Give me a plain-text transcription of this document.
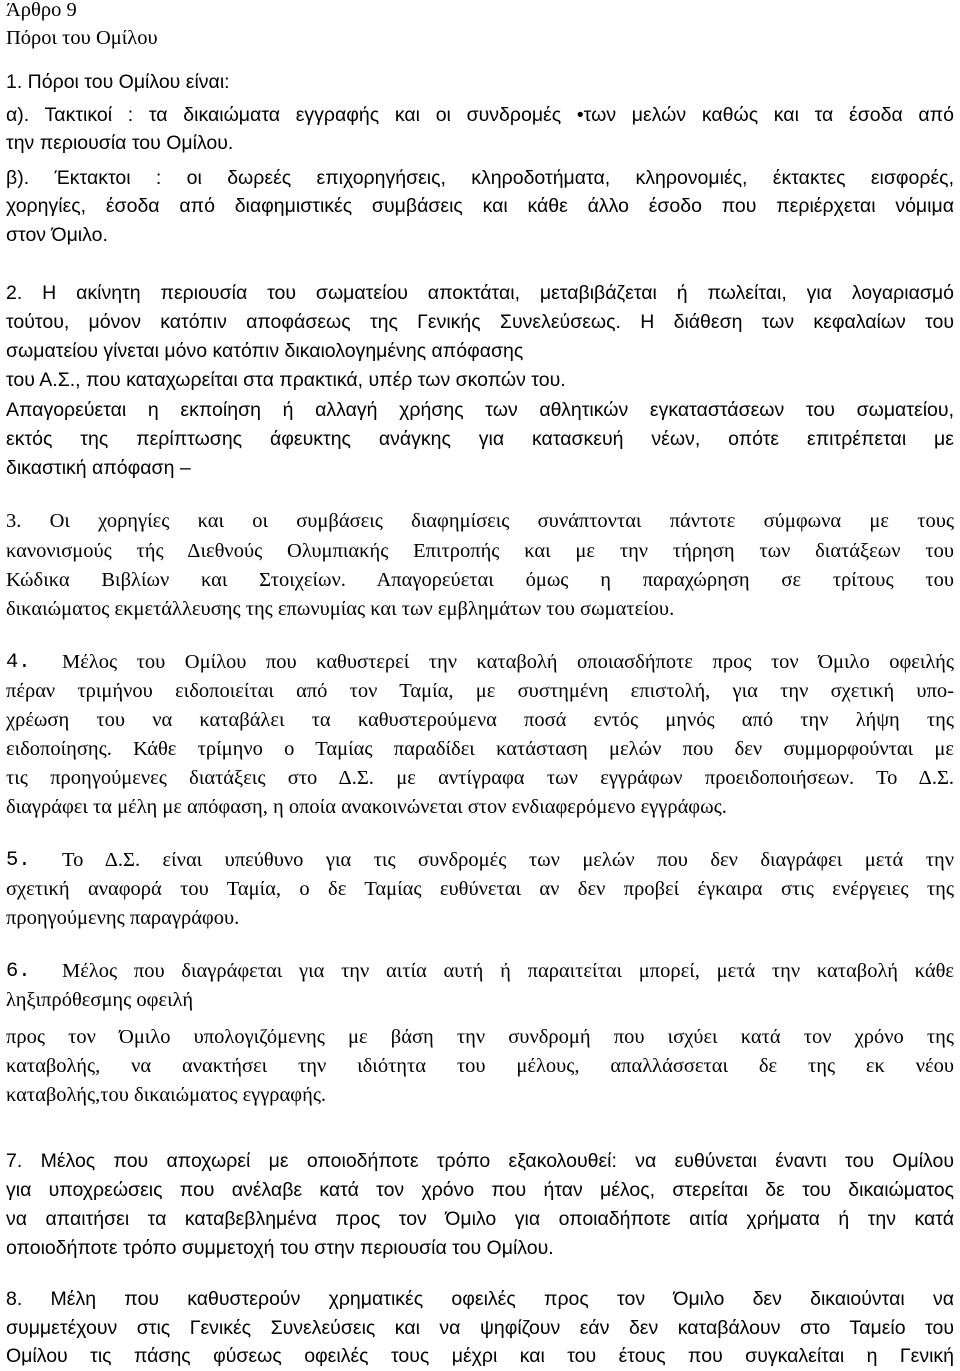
Άρθρο 9
Πόροι του Ομίλου
1. Πόροι του Ομίλου είναι:
α). Τακτικοί : τα δικαιώματα εγγραφής και οι συνδρομές •των μελών καθώς και τα έσοδα από
την περιουσία του Ομίλου.
β). Έκτακτοι : οι δωρεές επιχορηγήσεις, κληροδοτήματα, κληρονομιές, έκτακτες εισφορές,
χορηγίες, έσοδα από διαφημιστικές συμβάσεις και κάθε άλλο έσοδο που περιέρχεται νόμιμα
στον Όμιλο.
2. Η ακίνητη περιουσία του σωματείου αποκτάται, μεταβιβάζεται ή πωλείται, για λογαριασμό
τούτου, μόνον κατόπιν αποφάσεως της Γενικής Συνελεύσεως. Η διάθεση των κεφαλαίων του
σωματείου γίνεται μόνο κατόπιν δικαιολογημένης απόφασης
του Α.Σ., που καταχωρείται στα πρακτικά, υπέρ των σκοπών του.
Απαγορεύεται η εκποίηση ή αλλαγή χρήσης των αθλητικών εγκαταστάσεων του σωματείου,
εκτός της περίπτωσης άφευκτης ανάγκης για κατασκευή νέων, οπότε επιτρέπεται με
δικαστική απόφαση –
3. Οι χορηγίες και οι συμβάσεις διαφημίσεις συνάπτονται πάντοτε σύμφωνα με τους
κανονισμούς τής Διεθνούς Ολυμπιακής Επιτροπής και με την τήρηση των διατάξεων του
Κώδικα Βιβλίων και Στοιχείων. Απαγορεύεται όμως η παραχώρηση σε τρίτους του
δικαιώματος εκμετάλλευσης της επωνυμίας και των εμβλημάτων του σωματείου.
Μέλος του Ομίλου που καθυστερεί την καταβολή οποιασδήποτε προς τον Όμιλο οφειλής
4.
πέραν τριμήνου ειδοποιείται από τον Ταμία, με συστημένη επιστολή, για την σχετική υπο-
χρέωση του να καταβάλει τα καθυστερούμενα ποσά εντός μηνός από την λήψη της
ειδοποίησης. Κάθε τρίμηνο ο Ταμίας παραδίδει κατάσταση μελών που δεν συμμορφούνται με
τις προηγούμενες διατάξεις στο Δ.Σ. με αντίγραφα των εγγράφων προειδοποιήσεων. Το Δ.Σ.
διαγράφει τα μέλη με απόφαση, η οποία ανακοινώνεται στον ενδιαφερόμενο εγγράφως.
5. Το Δ.Σ. είναι υπεύθυνο για τις συνδρομές των μελών που δεν διαγράφει μετά την
σχετική αναφορά του Ταμία, ο δε Ταμίας ευθύνεται αν δεν προβεί έγκαιρα στις ενέργειες της
προηγούμενης παραγράφου.
6. Μέλος που διαγράφεται για την αιτία αυτή ή παραιτείται μπορεί, μετά την καταβολή κάθε
ληξιπρόθεσμης οφειλή
προς τον Όμιλο υπολογιζόμενης με βάση την συνδρομή που ισχύει κατά τον χρόνο της
καταβολής, να ανακτήσει την ιδιότητα του μέλους, απαλλάσσεται δε της εκ νέου
καταβολής,του δικαιώματος εγγραφής.
7. Μέλος που αποχωρεί με οποιοδήποτε τρόπο εξακολουθεί: να ευθύνεται έναντι του Ομίλου
για υποχρεώσεις που ανέλαβε κατά τον χρόνο που ήταν μέλος, στερείται δε του δικαιώματος
να απαιτήσει τα καταβεβλημένα προς τον Όμιλο για οποιαδήποτε αιτία χρήματα ή την κατά
οποιοδήποτε τρόπο συμμετοχή του στην περιουσία του Ομίλου.
8. Μέλη που καθυστερούν χρηματικές οφειλές προς τον Όμιλο δεν δικαιούνται να
συμμετέχουν στις Γενικές Συνελεύσεις και να ψηφίζουν εάν δεν καταβάλουν στο Ταμείο του
Ομίλου τις πάσης φύσεως οφειλές τους μέχρι και του έτους που συγκαλείται η Γενική
